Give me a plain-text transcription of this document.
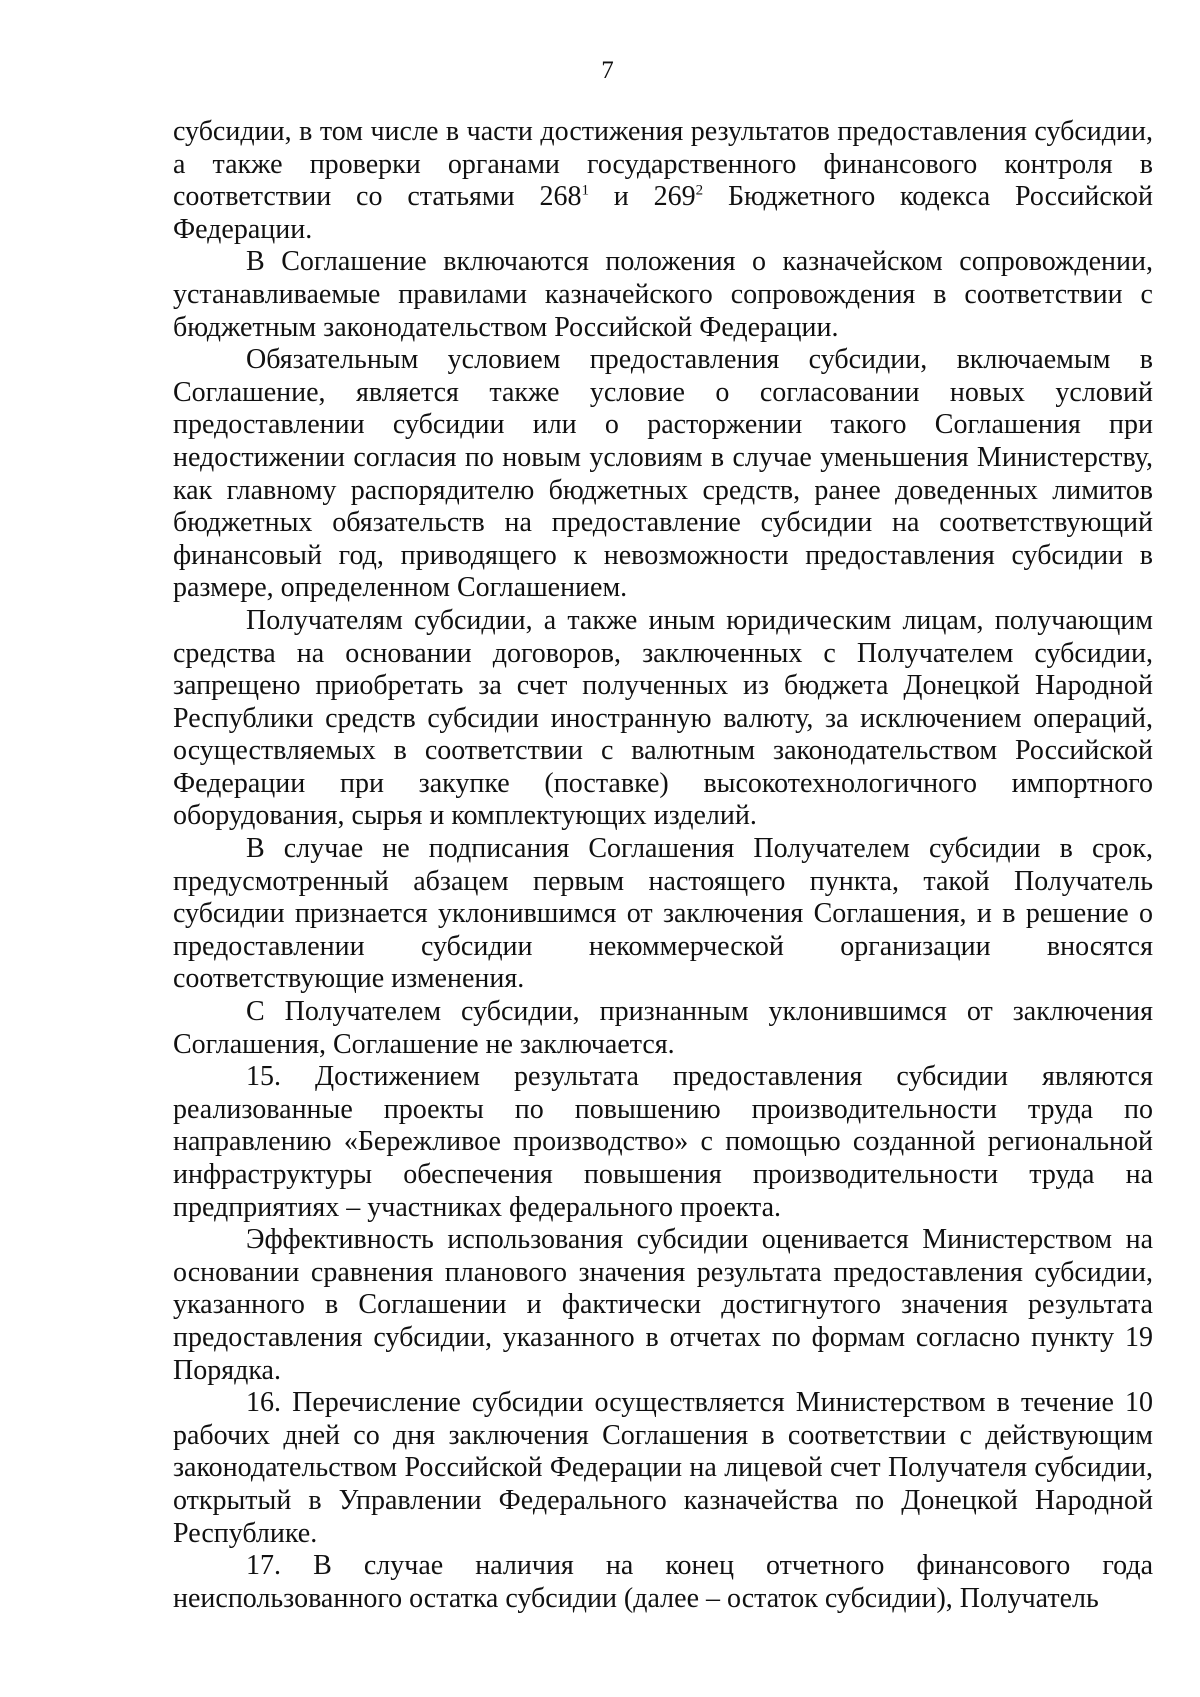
7

субсидии, в том числе в части достижения результатов предоставления субсидии, а также проверки органами государственного финансового контроля в соответствии со статьями $268^1$ и $269^2$ Бюджетного кодекса Российской Федерации.

В Соглашение включаются положения о казначейском сопровождении, устанавливаемые правилами казначейского сопровождения в соответствии с бюджетным законодательством Российской Федерации.

Обязательным условием предоставления субсидии, включаемым в Соглашение, является также условие о согласовании новых условий предоставлении субсидии или о расторжении такого Соглашения при недостижении согласия по новым условиям в случае уменьшения Министерству, как главному распорядителю бюджетных средств, ранее доведенных лимитов бюджетных обязательств на предоставление субсидии на соответствующий финансовый год, приводящего к невозможности предоставления субсидии в размере, определенном Соглашением.

Получателям субсидии, а также иным юридическим лицам, получающим средства на основании договоров, заключенных с Получателем субсидии, запрещено приобретать за счет полученных из бюджета Донецкой Народной Республики средств субсидии иностранную валюту, за исключением операций, осуществляемых в соответствии с валютным законодательством Российской Федерации при закупке (поставке) высокотехнологичного импортного оборудования, сырья и комплектующих изделий.

В случае не подписания Соглашения Получателем субсидии в срок, предусмотренный абзацем первым настоящего пункта, такой Получатель субсидии признается уклонившимся от заключения Соглашения, и в решение о предоставлении субсидии некоммерческой организации вносятся соответствующие изменения.

С Получателем субсидии, признанным уклонившимся от заключения Соглашения, Соглашение не заключается.

15. Достижением результата предоставления субсидии являются реализованные проекты по повышению производительности труда по направлению «Бережливое производство» с помощью созданной региональной инфраструктуры обеспечения повышения производительности труда на предприятиях – участниках федерального проекта.

Эффективность использования субсидии оценивается Министерством на основании сравнения планового значения результата предоставления субсидии, указанного в Соглашении и фактически достигнутого значения результата предоставления субсидии, указанного в отчетах по формам согласно пункту 19 Порядка.

16. Перечисление субсидии осуществляется Министерством в течение 10 рабочих дней со дня заключения Соглашения в соответствии с действующим законодательством Российской Федерации на лицевой счет Получателя субсидии, открытый в Управлении Федерального казначейства по Донецкой Народной Республике.

17. В случае наличия на конец отчетного финансового года неиспользованного остатка субсидии (далее – остаток субсидии), Получатель
